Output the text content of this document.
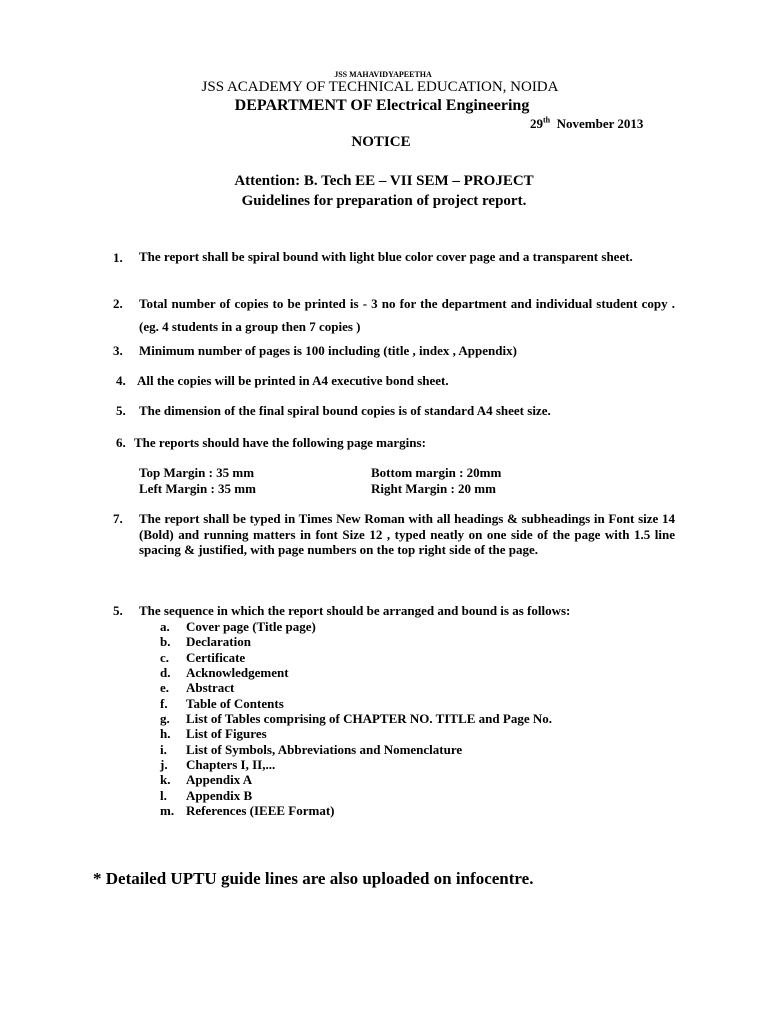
JSS MAHAVIDYAPEETHA
JSS ACADEMY OF TECHNICAL EDUCATION, NOIDA
DEPARTMENT OF Electrical Engineering
29th November 2013
NOTICE
Attention: B. Tech EE – VII SEM – PROJECT
Guidelines for preparation of project report.
1. The report shall be spiral bound with light blue color cover page and a transparent sheet.
2. Total number of copies to be printed is - 3 no for the department and individual student copy .(eg. 4 students in a group then 7 copies )
3. Minimum number of pages is 100 including (title , index , Appendix)
4. All the copies will be printed in A4 executive bond sheet.
5. The dimension of the final spiral bound copies is of standard A4 sheet size.
6. The reports should have the following page margins:
Top Margin : 35 mm	Bottom margin : 20mm
Left Margin : 35 mm	Right Margin : 20 mm
7. The report shall be typed in Times New Roman with all headings & subheadings in Font size 14 (Bold) and running matters in font Size 12 , typed neatly on one side of the page with 1.5 line spacing & justified, with page numbers on the top right side of the page.
5. The sequence in which the report should be arranged and bound is as follows:
a. Cover page (Title page)
b. Declaration
c. Certificate
d. Acknowledgement
e. Abstract
f. Table of Contents
g. List of Tables comprising of CHAPTER NO. TITLE and Page No.
h. List of Figures
i. List of Symbols, Abbreviations and Nomenclature
j. Chapters I, II,...
k. Appendix A
l. Appendix B
m. References (IEEE Format)
* Detailed UPTU guide lines are also uploaded on infocentre.
